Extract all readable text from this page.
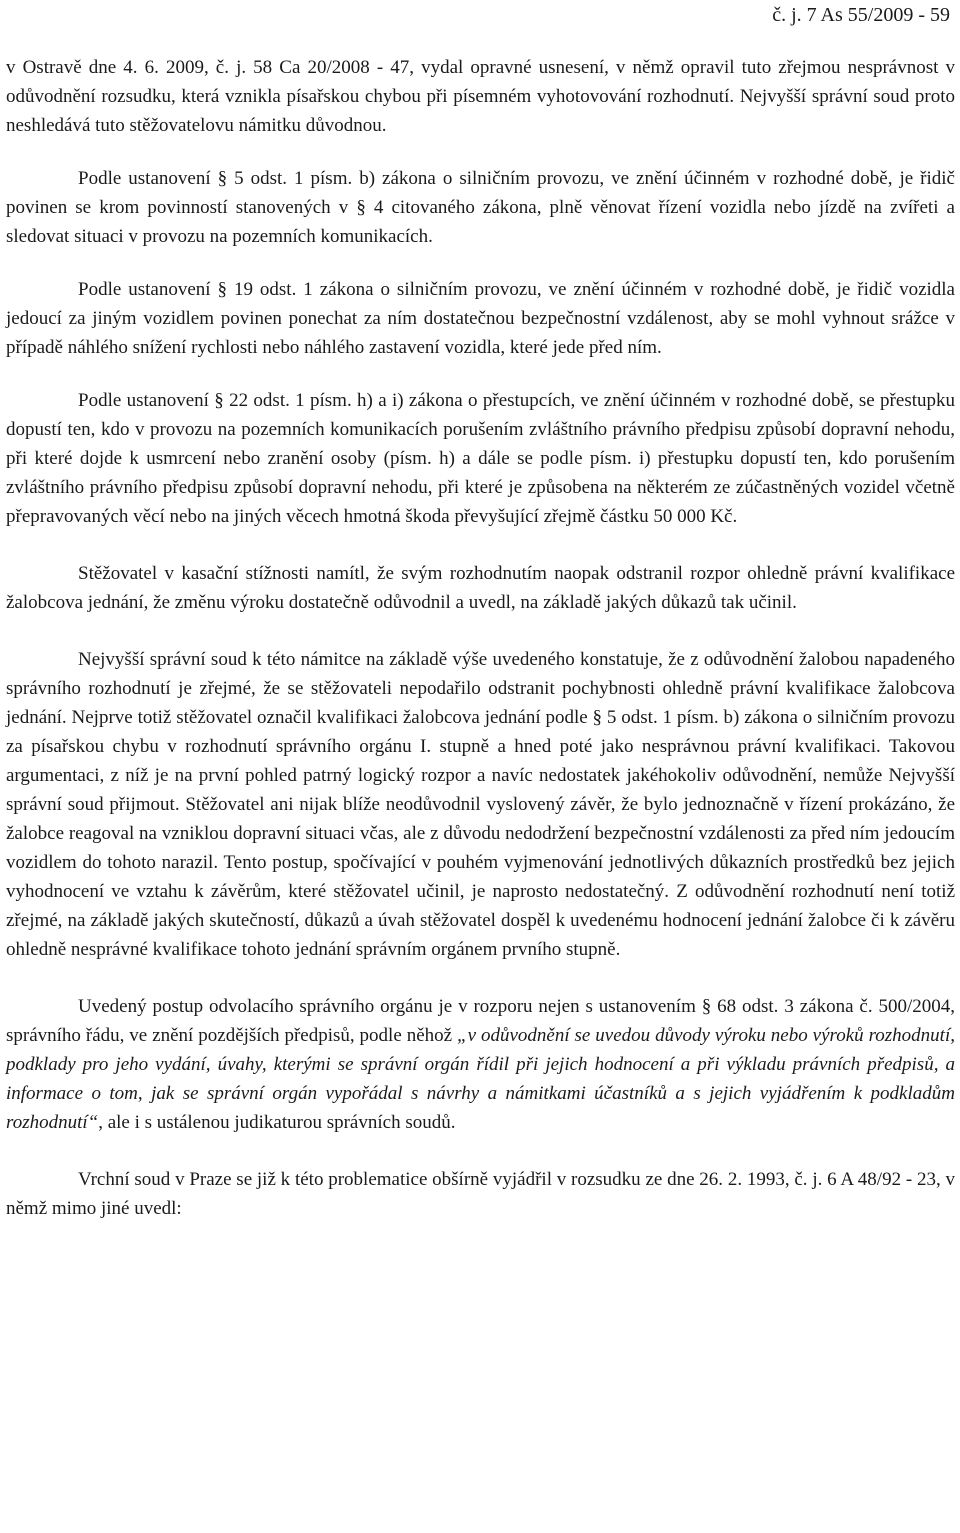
č. j. 7 As 55/2009 - 59

v Ostravě dne 4. 6. 2009, č. j. 58 Ca 20/2008 - 47, vydal opravné usnesení, v němž opravil tuto zřejmou nesprávnost v odůvodnění rozsudku, která vznikla písařskou chybou při písemném vyhotovování rozhodnutí. Nejvyšší správní soud proto neshledává tuto stěžovatelovu námitku důvodnou.

Podle ustanovení § 5 odst. 1 písm. b) zákona o silničním provozu, ve znění účinném v rozhodné době, je řidič povinen se krom povinností stanovených v § 4 citovaného zákona, plně věnovat řízení vozidla nebo jízdě na zvířeti a sledovat situaci v provozu na pozemních komunikacích.

Podle ustanovení § 19 odst. 1 zákona o silničním provozu, ve znění účinném v rozhodné době, je řidič vozidla jedoucí za jiným vozidlem povinen ponechat za ním dostatečnou bezpečnostní vzdálenost, aby se mohl vyhnout srážce v případě náhlého snížení rychlosti nebo náhlého zastavení vozidla, které jede před ním.

Podle ustanovení § 22 odst. 1 písm. h) a i) zákona o přestupcích, ve znění účinném v rozhodné době, se přestupku dopustí ten, kdo v provozu na pozemních komunikacích porušením zvláštního právního předpisu způsobí dopravní nehodu, při které dojde k usmrcení nebo zranění osoby (písm. h) a dále se podle písm. i) přestupku dopustí ten, kdo porušením zvláštního právního předpisu způsobí dopravní nehodu, při které je způsobena na některém ze zúčastněných vozidel včetně přepravovaných věcí nebo na jiných věcech hmotná škoda převyšující zřejmě částku 50 000 Kč.

Stěžovatel v kasační stížnosti namítl, že svým rozhodnutím naopak odstranil rozpor ohledně právní kvalifikace žalobcova jednání, že změnu výroku dostatečně odůvodnil a uvedl, na základě jakých důkazů tak učinil.

Nejvyšší správní soud k této námitce na základě výše uvedeného konstatuje, že z odůvodnění žalobou napadeného správního rozhodnutí je zřejmé, že se stěžovateli nepodařilo odstranit pochybnosti ohledně právní kvalifikace žalobcova jednání. Nejprve totiž stěžovatel označil kvalifikaci žalobcova jednání podle § 5 odst. 1 písm. b) zákona o silničním provozu za písařskou chybu v rozhodnutí správního orgánu I. stupně a hned poté jako nesprávnou právní kvalifikaci. Takovou argumentaci, z níž je na první pohled patrný logický rozpor a navíc nedostatek jakéhokoliv odůvodnění, nemůže Nejvyšší správní soud přijmout. Stěžovatel ani nijak blíže neodůvodnil vyslovený závěr, že bylo jednoznačně v řízení prokázáno, že žalobce reagoval na vzniklou dopravní situaci včas, ale z důvodu nedodržení bezpečnostní vzdálenosti za před ním jedoucím vozidlem do tohoto narazil. Tento postup, spočívající v pouhém vyjmenování jednotlivých důkazních prostředků bez jejich vyhodnocení ve vztahu k závěrům, které stěžovatel učinil, je naprosto nedostatečný. Z odůvodnění rozhodnutí není totiž zřejmé, na základě jakých skutečností, důkazů a úvah stěžovatel dospěl k uvedenému hodnocení jednání žalobce či k závěru ohledně nesprávné kvalifikace tohoto jednání správním orgánem prvního stupně.

Uvedený postup odvolacího správního orgánu je v rozporu nejen s ustanovením § 68 odst. 3 zákona č. 500/2004, správního řádu, ve znění pozdějších předpisů, podle něhož „v odůvodnění se uvedou důvody výroku nebo výroků rozhodnutí, podklady pro jeho vydání, úvahy, kterými se správní orgán řídil při jejich hodnocení a při výkladu právních předpisů, a informace o tom, jak se správní orgán vypořádal s návrhy a námitkami účastníků a s jejich vyjádřením k podkladům rozhodnutí“, ale i s ustálenou judikaturou správních soudů.

Vrchní soud v Praze se již k této problematice obšírně vyjádřil v rozsudku ze dne 26. 2. 1993, č. j. 6 A 48/92 - 23, v němž mimo jiné uvedl:
